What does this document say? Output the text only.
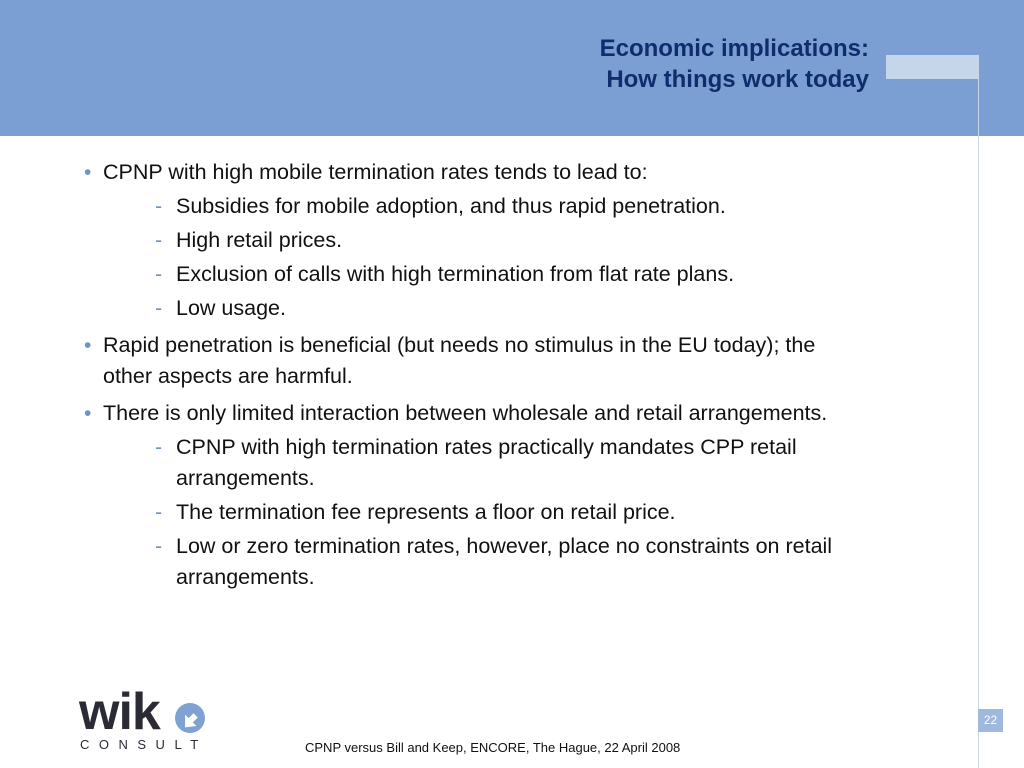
Economic implications:
How things work today
• CPNP with high mobile termination rates tends to lead to:
- Subsidies for mobile adoption, and thus rapid penetration.
- High retail prices.
- Exclusion of calls with high termination from flat rate plans.
- Low usage.
• Rapid penetration is beneficial (but needs no stimulus in the EU today); the other aspects are harmful.
• There is only limited interaction between wholesale and retail arrangements.
- CPNP with high termination rates practically mandates CPP retail arrangements.
- The termination fee represents a floor on retail price.
- Low or zero termination rates, however, place no constraints on retail arrangements.
wik
CONSULT	CPNP versus Bill and Keep, ENCORE, The Hague, 22 April 2008
22
